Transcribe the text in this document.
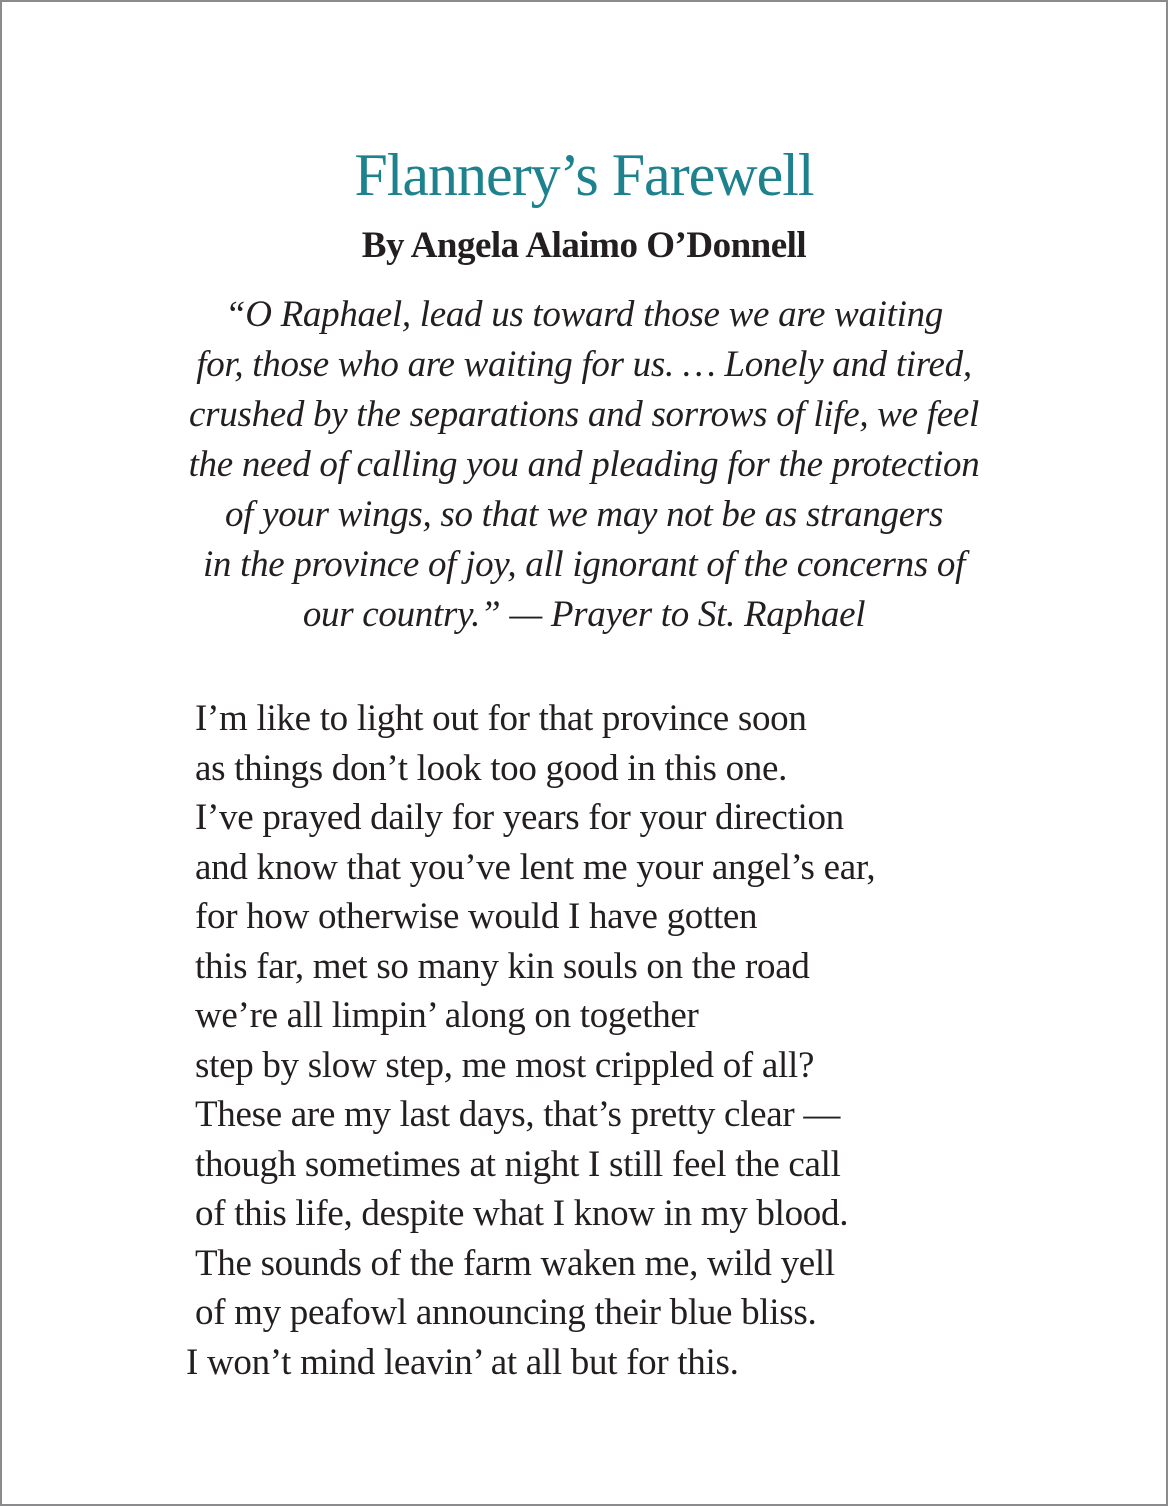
Flannery’s Farewell
By Angela Alaimo O’Donnell

“O Raphael, lead us toward those we are waiting

for, those who are waiting for us. … Lonely and tired,

crushed by the separations and sorrows of life, we feel

the need of calling you and pleading for the protection

of your wings, so that we may not be as strangers

in the province of joy, all ignorant of the concerns of

our country.” — Prayer to St. Raphael

I’m like to light out for that province soon

as things don’t look too good in this one.

I’ve prayed daily for years for your direction

and know that you’ve lent me your angel’s ear,

for how otherwise would I have gotten

this far, met so many kin souls on the road

we’re all limpin’ along on together

step by slow step, me most crippled of all?

These are my last days, that’s pretty clear —

though sometimes at night I still feel the call

of this life, despite what I know in my blood.

The sounds of the farm waken me, wild yell

of my peafowl announcing their blue bliss.

I won’t mind leavin’ at all but for this.
